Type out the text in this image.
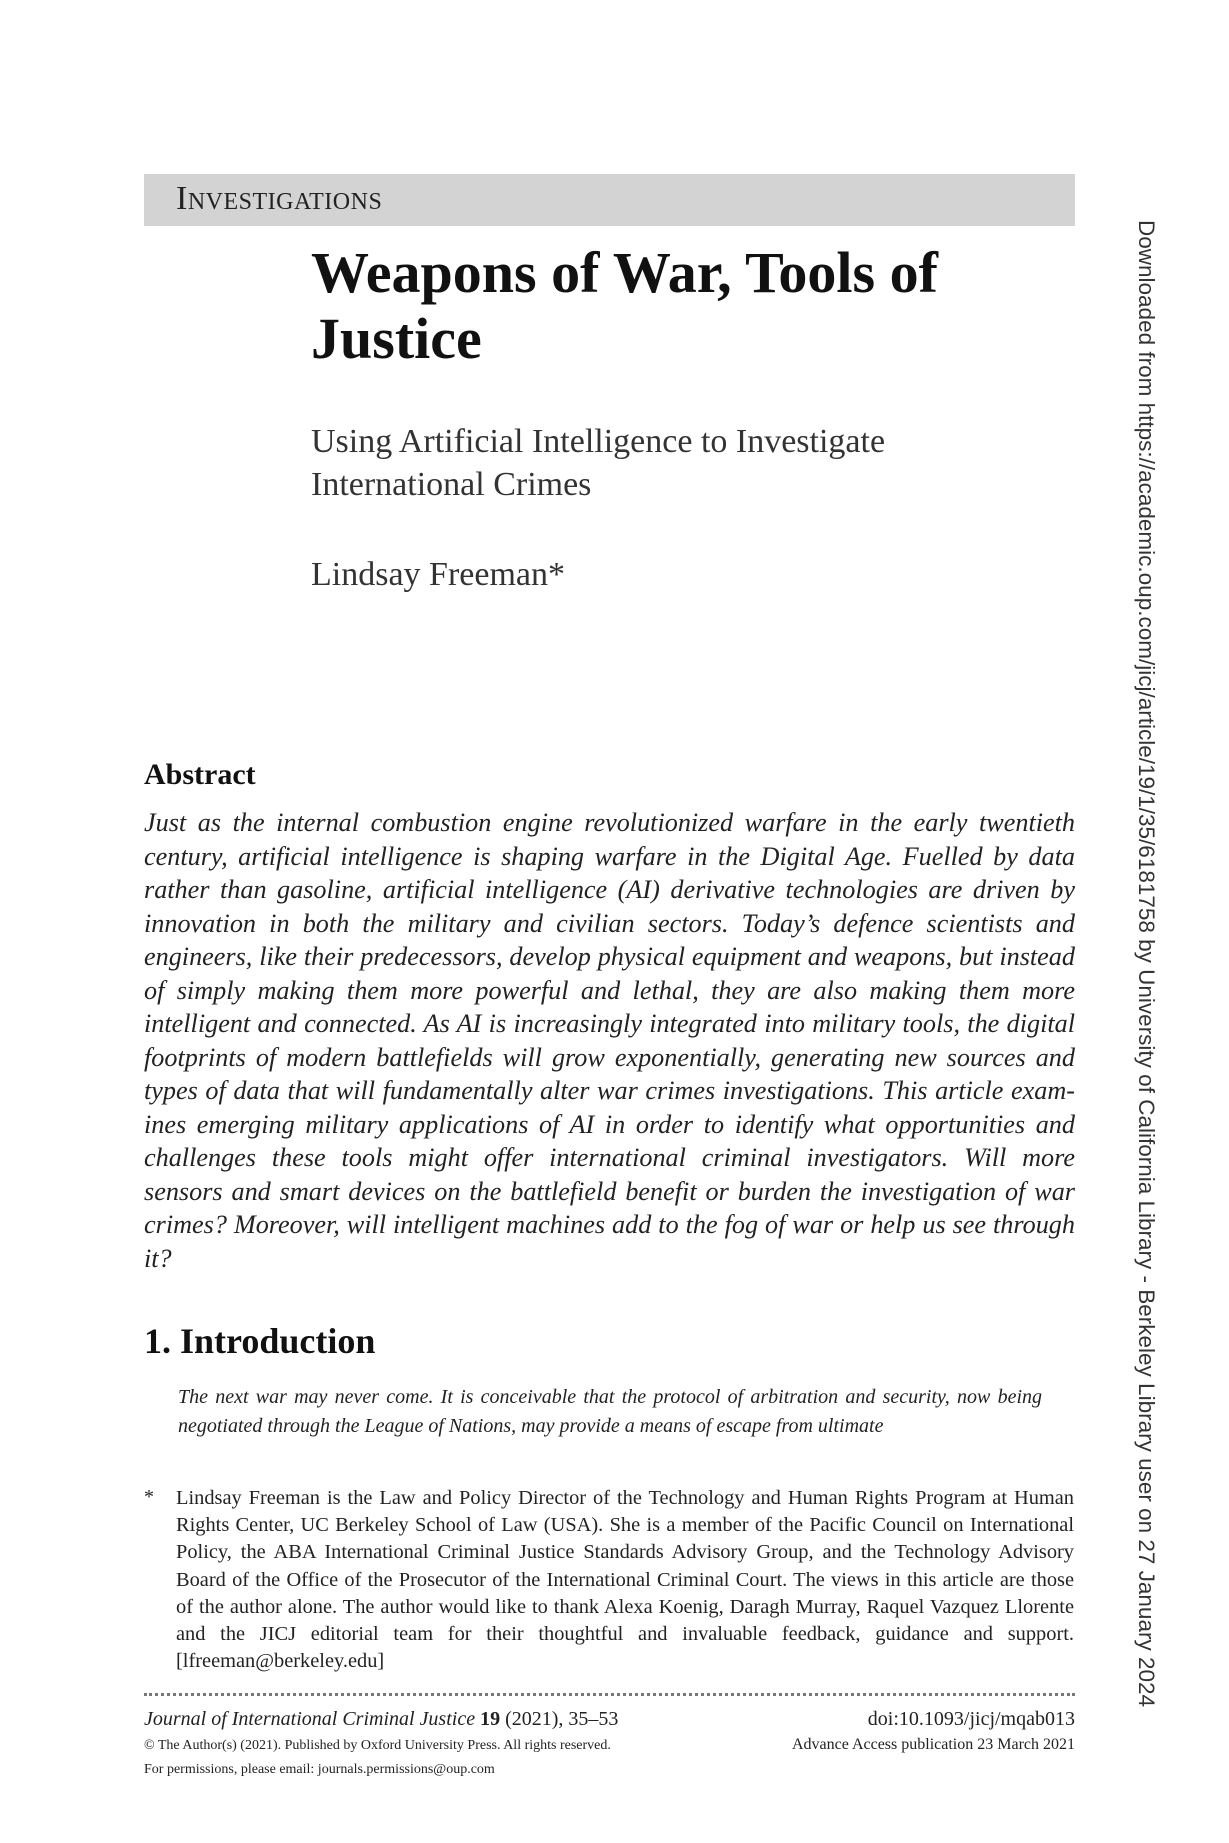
Investigations
Weapons of War, Tools of Justice
Using Artificial Intelligence to Investigate International Crimes
Lindsay Freeman*
Abstract
Just as the internal combustion engine revolutionized warfare in the early twentieth century, artificial intelligence is shaping warfare in the Digital Age. Fuelled by data rather than gasoline, artificial intelligence (AI) derivative technologies are driven by innovation in both the military and civilian sectors. Today’s defence scientists and engineers, like their predecessors, develop physical equipment and weapons, but instead of simply making them more powerful and lethal, they are also making them more intelligent and connected. As AI is increasingly integrated into military tools, the digital footprints of modern battlefields will grow exponentially, generating new sources and types of data that will fundamentally alter war crimes investigations. This article examines emerging military applications of AI in order to identify what opportunities and challenges these tools might offer international criminal investigators. Will more sensors and smart devices on the battlefield benefit or burden the investigation of war crimes? Moreover, will intelligent machines add to the fog of war or help us see through it?
1. Introduction
The next war may never come. It is conceivable that the protocol of arbitration and security, now being negotiated through the League of Nations, may provide a means of escape from ultimate
* Lindsay Freeman is the Law and Policy Director of the Technology and Human Rights Program at Human Rights Center, UC Berkeley School of Law (USA). She is a member of the Pacific Council on International Policy, the ABA International Criminal Justice Standards Advisory Group, and the Technology Advisory Board of the Office of the Prosecutor of the International Criminal Court. The views in this article are those of the author alone. The author would like to thank Alexa Koenig, Daragh Murray, Raquel Vazquez Llorente and the JICJ editorial team for their thoughtful and invaluable feedback, guidance and support. [lfreeman@berkeley.edu]
Journal of International Criminal Justice 19 (2021), 35–53
© The Author(s) (2021). Published by Oxford University Press. All rights reserved.
For permissions, please email: journals.permissions@oup.com
doi:10.1093/jicj/mqab013
Advance Access publication 23 March 2021
Downloaded from https://academic.oup.com/jicj/article/19/1/35/6181758 by University of California Library - Berkeley Library user on 27 January 2024
